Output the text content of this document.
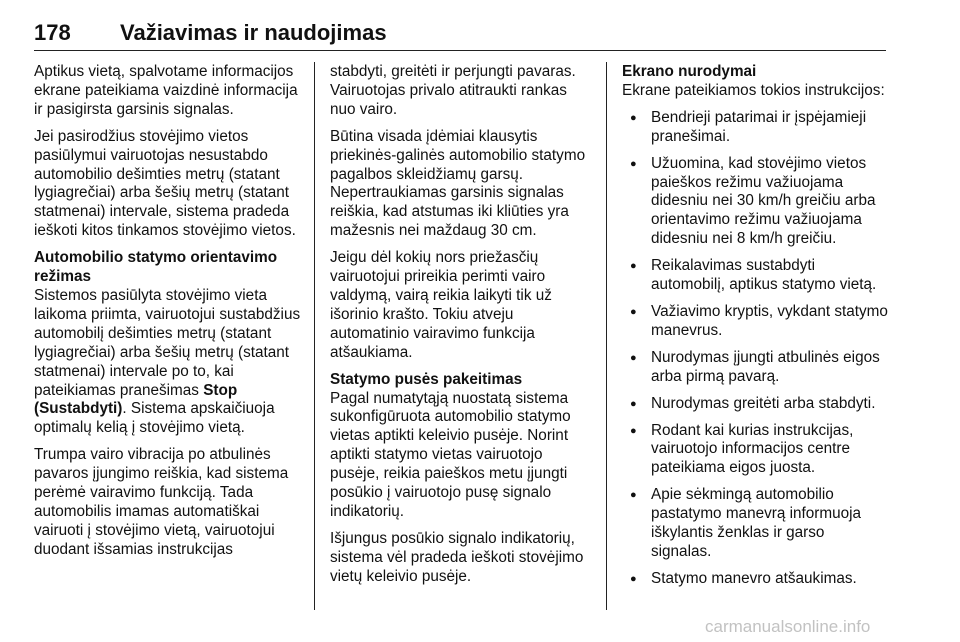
178 Važiavimas ir naudojimas

Aptikus vietą, spalvotame informacijos ekrane pateikiama vaizdinė informacija ir pasigirsta garsinis signalas.

Jei pasirodžius stovėjimo vietos pasiūlymui vairuotojas nesustabdo automobilio dešimties metrų (statant lygiagrečiai) arba šešių metrų (statant statmenai) intervale, sistema pradeda ieškoti kitos tinkamos stovėjimo vietos.

Automobilio statymo orientavimo režimas

Sistemos pasiūlyta stovėjimo vieta laikoma priimta, vairuotojui sustabdžius automobilį dešimties metrų (statant lygiagrečiai) arba šešių metrų (statant statmenai) intervale po to, kai pateikiamas pranešimas Stop (Sustabdyti). Sistema apskaičiuoja optimalų kelią į stovėjimo vietą.

Trumpa vairo vibracija po atbulinės pavaros įjungimo reiškia, kad sistema perėmė vairavimo funkciją. Tada automobilis imamas automatiškai vairuoti į stovėjimo vietą, vairuotojui duodant išsamias instrukcijas

stabdyti, greitėti ir perjungti pavaras. Vairuotojas privalo atitraukti rankas nuo vairo.

Būtina visada įdėmiai klausytis priekinės-galinės automobilio statymo pagalbos skleidžiamų garsų. Nepertraukiamas garsinis signalas reiškia, kad atstumas iki kliūties yra mažesnis nei maždaug 30 cm.

Jeigu dėl kokių nors priežasčių vairuotojui prireikia perimti vairo valdymą, vairą reikia laikyti tik už išorinio krašto. Tokiu atveju automatinio vairavimo funkcija atšaukiama.

Statymo pusės pakeitimas

Pagal numatytąją nuostatą sistema sukonfigūruota automobilio statymo vietas aptikti keleivio pusėje. Norint aptikti statymo vietas vairuotojo pusėje, reikia paieškos metu įjungti posūkio į vairuotojo pusę signalo indikatorių.

Išjungus posūkio signalo indikatorių, sistema vėl pradeda ieškoti stovėjimo vietų keleivio pusėje.

Ekrano nurodymai

Ekrane pateikiamos tokios instrukcijos:

● Bendrieji patarimai ir įspėjamieji pranešimai.
● Užuomina, kad stovėjimo vietos paieškos režimu važiuojama didesniu nei 30 km/h greičiu arba orientavimo režimu važiuojama didesniu nei 8 km/h greičiu.
● Reikalavimas sustabdyti automobilį, aptikus statymo vietą.
● Važiavimo kryptis, vykdant statymo manevrus.
● Nurodymas įjungti atbulinės eigos arba pirmą pavarą.
● Nurodymas greitėti arba stabdyti.
● Rodant kai kurias instrukcijas, vairuotojo informacijos centre pateikiama eigos juosta.
● Apie sėkmingą automobilio pastatymo manevrą informuoja iškylantis ženklas ir garso signalas.
● Statymo manevro atšaukimas.
carmanualsonline.info
